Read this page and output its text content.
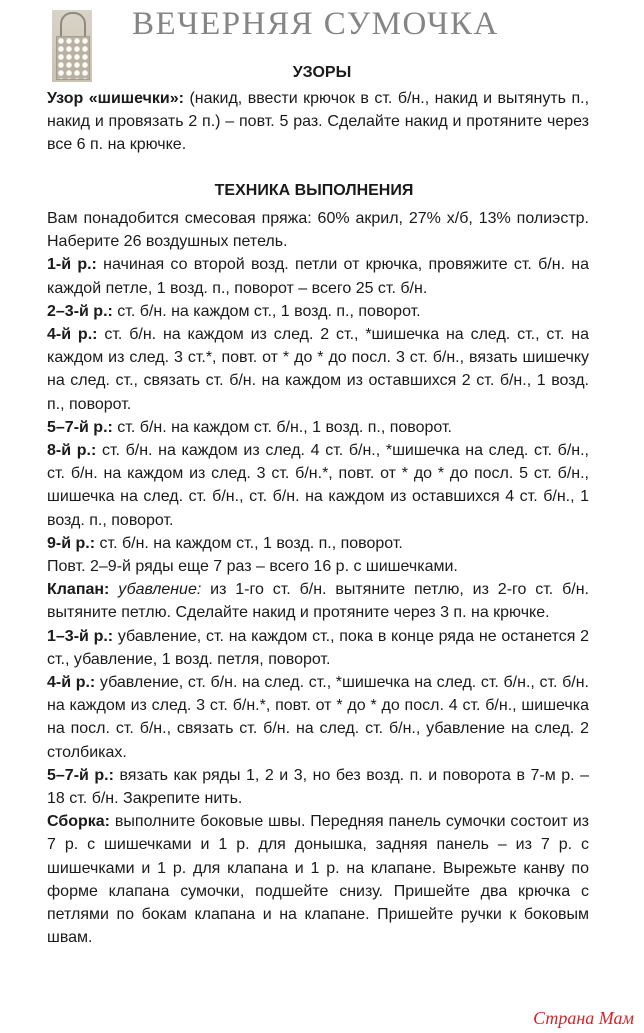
ВЕЧЕРНЯЯ СУМОЧКА
УЗОРЫ

Узор «шишечки»: (накид, ввести крючок в ст. б/н., накид и вытянуть п., накид и провязать 2 п.) – повт. 5 раз. Сделайте накид и протяните через все 6 п. на крючке.

ТЕХНИКА ВЫПОЛНЕНИЯ

Вам понадобится смесовая пряжа: 60% акрил, 27% х/б, 13% полиэстр. Наберите 26 воздушных петель.

1-й р.: начиная со второй возд. петли от крючка, провяжите ст. б/н. на каждой петле, 1 возд. п., поворот – всего 25 ст. б/н.

2–3-й р.: ст. б/н. на каждом ст., 1 возд. п., поворот.

4-й р.: ст. б/н. на каждом из след. 2 ст., *шишечка на след. ст., ст. на каждом из след. 3 ст.*, повт. от * до * до посл. 3 ст. б/н., вязать шишечку на след. ст., связать ст. б/н. на каждом из оставшихся 2 ст. б/н., 1 возд. п., поворот.

5–7-й р.: ст. б/н. на каждом ст. б/н., 1 возд. п., поворот.

8-й р.: ст. б/н. на каждом из след. 4 ст. б/н., *шишечка на след. ст. б/н., ст. б/н. на каждом из след. 3 ст. б/н.*, повт. от * до * до посл. 5 ст. б/н., шишечка на след. ст. б/н., ст. б/н. на каждом из оставшихся 4 ст. б/н., 1 возд. п., поворот.

9-й р.: ст. б/н. на каждом ст., 1 возд. п., поворот.

Повт. 2–9-й ряды еще 7 раз – всего 16 р. с шишечками.

Клапан: убавление: из 1-го ст. б/н. вытяните петлю, из 2-го ст. б/н. вытяните петлю. Сделайте накид и протяните через 3 п. на крючке.

1–3-й р.: убавление, ст. на каждом ст., пока в конце ряда не останется 2 ст., убавление, 1 возд. петля, поворот.

4-й р.: убавление, ст. б/н. на след. ст., *шишечка на след. ст. б/н., ст. б/н. на каждом из след. 3 ст. б/н.*, повт. от * до * до посл. 4 ст. б/н., шишечка на посл. ст. б/н., связать ст. б/н. на след. ст. б/н., убавление на след. 2 столбиках.

5–7-й р.: вязать как ряды 1, 2 и 3, но без возд. п. и поворота в 7-м р. – 18 ст. б/н. Закрепите нить.

Сборка: выполните боковые швы. Передняя панель сумочки состоит из 7 р. с шишечками и 1 р. для донышка, задняя панель – из 7 р. с шишечками и 1 р. для клапана и 1 р. на клапане. Вырежьте канву по форме клапана сумочки, подшейте снизу. Пришейте два крючка с петлями по бокам клапана и на клапане. Пришейте ручки к боковым швам.

Страна Мам
